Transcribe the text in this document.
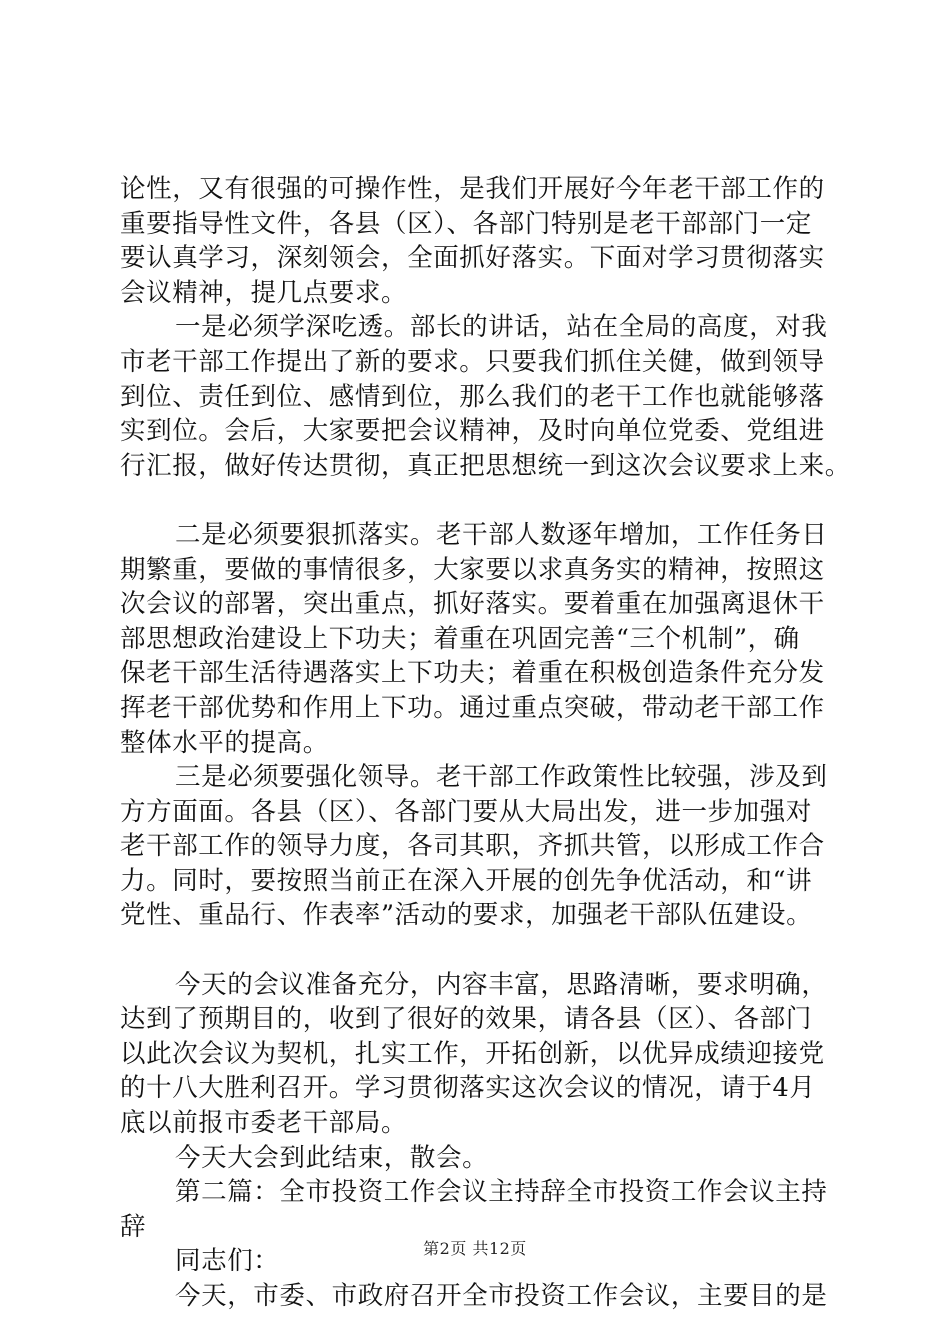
论性，又有很强的可操作性，是我们开展好今年老干部工作的
重要指导性文件，各县（区）、各部门特别是老干部部门一定
要认真学习，深刻领会，全面抓好落实。下面对学习贯彻落实
会议精神，提几点要求。
一是必须学深吃透。部长的讲话，站在全局的高度，对我
市老干部工作提出了新的要求。只要我们抓住关健，做到领导
到位、责任到位、感情到位，那么我们的老干工作也就能够落
实到位。会后，大家要把会议精神，及时向单位党委、党组进
行汇报，做好传达贯彻，真正把思想统一到这次会议要求上来。
二是必须要狠抓落实。老干部人数逐年增加，工作任务日
期繁重，要做的事情很多，大家要以求真务实的精神，按照这
次会议的部署，突出重点，抓好落实。要着重在加强离退休干
部思想政治建设上下功夫；着重在巩固完善“三个机制”，确
保老干部生活待遇落实上下功夫；着重在积极创造条件充分发
挥老干部优势和作用上下功。通过重点突破，带动老干部工作
整体水平的提高。
三是必须要强化领导。老干部工作政策性比较强，涉及到
方方面面。各县（区）、各部门要从大局出发，进一步加强对
老干部工作的领导力度，各司其职，齐抓共管，以形成工作合
力。同时，要按照当前正在深入开展的创先争优活动，和“讲
党性、重品行、作表率”活动的要求，加强老干部队伍建设。
今天的会议准备充分，内容丰富，思路清晰，要求明确，
达到了预期目的，收到了很好的效果，请各县（区）、各部门
以此次会议为契机，扎实工作，开拓创新，以优异成绩迎接党
的十八大胜利召开。学习贯彻落实这次会议的情况，请于4月
底以前报市委老干部局。
今天大会到此结束，散会。
第二篇：全市投资工作会议主持辞全市投资工作会议主持
辞
同志们：
今天，市委、市政府召开全市投资工作会议，主要目的是
第2页 共12页
